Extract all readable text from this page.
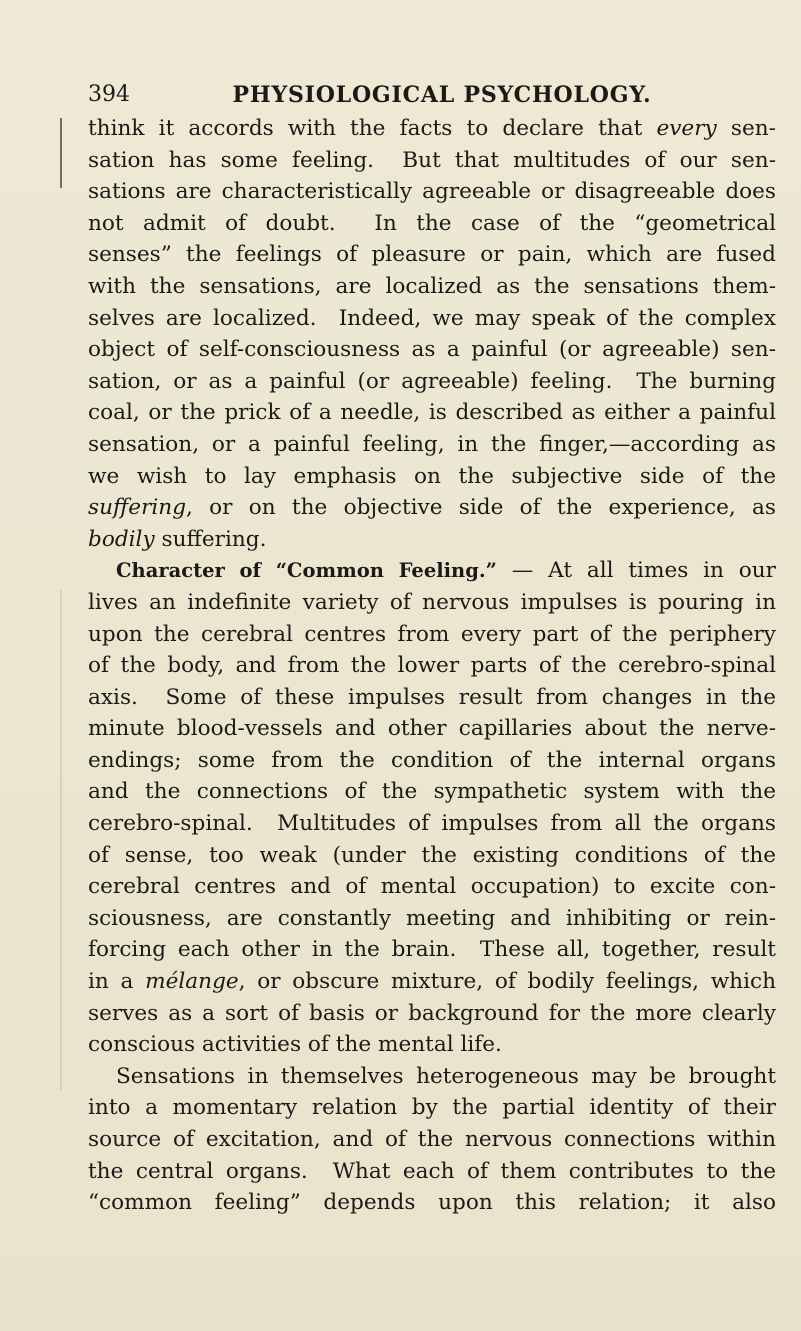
394	PHYSIOLOGICAL PSYCHOLOGY.
think it accords with the facts to declare that every sen-
sation has some feeling.  But that multitudes of our sen-
sations are characteristically agreeable or disagreeable does
not admit of doubt.  In the case of the “geometrical
senses” the feelings of pleasure or pain, which are fused
with the sensations, are localized as the sensations them-
selves are localized.  Indeed, we may speak of the complex
object of self-consciousness as a painful (or agreeable) sen-
sation, or as a painful (or agreeable) feeling.  The burning
coal, or the prick of a needle, is described as either a painful
sensation, or a painful feeling, in the finger,—according as
we wish to lay emphasis on the subjective side of the
suffering, or on the objective side of the experience, as
bodily suffering.
Character of “Common Feeling.” — At all times in our
lives an indefinite variety of nervous impulses is pouring in
upon the cerebral centres from every part of the periphery
of the body, and from the lower parts of the cerebro-spinal
axis.  Some of these impulses result from changes in the
minute blood-vessels and other capillaries about the nerve-
endings; some from the condition of the internal organs
and the connections of the sympathetic system with the
cerebro-spinal.  Multitudes of impulses from all the organs
of sense, too weak (under the existing conditions of the
cerebral centres and of mental occupation) to excite con-
sciousness, are constantly meeting and inhibiting or rein-
forcing each other in the brain.  These all, together, result
in a mélange, or obscure mixture, of bodily feelings, which
serves as a sort of basis or background for the more clearly
conscious activities of the mental life.
Sensations in themselves heterogeneous may be brought
into a momentary relation by the partial identity of their
source of excitation, and of the nervous connections within
the central organs.  What each of them contributes to the
“common feeling” depends upon this relation; it also
